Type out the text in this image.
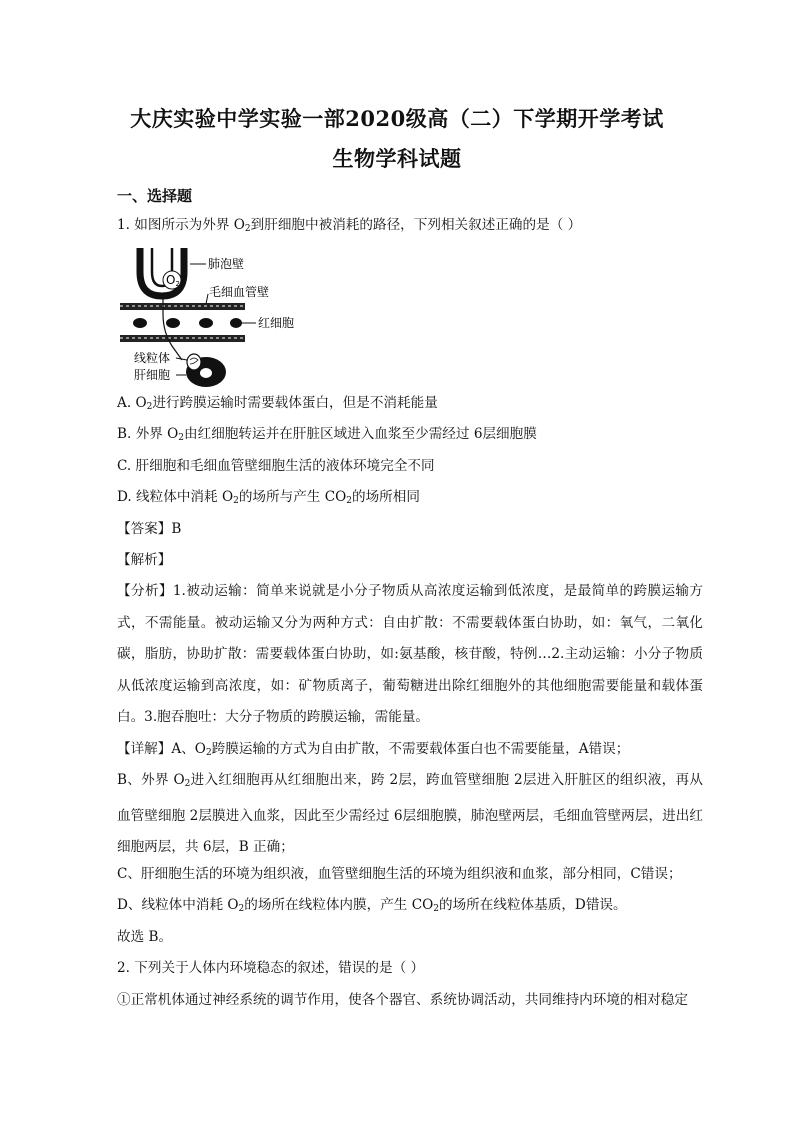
大庆实验中学实验一部2020级高（二）下学期开学考试
生物学科试题
一、选择题
1. 如图所示为外界 $O_2$到肝细胞中被消耗的路径，下列相关叙述正确的是（ ）
O2
肺泡壁
毛细血管壁
红细胞
线粒体
肝细胞
A. $O_2$进行跨膜运输时需要载体蛋白，但是不消耗能量
B. 外界 $O_2$由红细胞转运并在肝脏区域进入血浆至少需经过 6层细胞膜
C. 肝细胞和毛细血管壁细胞生活的液体环境完全不同
D. 线粒体中消耗 $O_2$的场所与产生 $CO_2$的场所相同
【答案】B
【解析】
【分析】1.被动运输：简单来说就是小分子物质从高浓度运输到低浓度，是最简单的跨膜运输方式，不需能量。被动运输又分为两种方式：自由扩散：不需要载体蛋白协助，如：氧气，二氧化碳，脂肪，协助扩散：需要载体蛋白协助，如:氨基酸，核苷酸，特例…2.主动运输：小分子物质从低浓度运输到高浓度，如：矿物质离子，葡萄糖进出除红细胞外的其他细胞需要能量和载体蛋白。3.胞吞胞吐：大分子物质的跨膜运输，需能量。
【详解】A、$O_2$跨膜运输的方式为自由扩散，不需要载体蛋白也不需要能量，A错误；
B、外界 $O_2$进入红细胞再从红细胞出来，跨 2层，跨血管壁细胞 2层进入肝脏区的组织液，再从血管壁细胞 2层膜进入血浆，因此至少需经过 6层细胞膜，肺泡壁两层，毛细血管壁两层，进出红细胞两层，共 6层，B 正确；
C、肝细胞生活的环境为组织液，血管壁细胞生活的环境为组织液和血浆，部分相同，C错误；
D、线粒体中消耗 $O_2$的场所在线粒体内膜，产生 $CO_2$的场所在线粒体基质，D错误。
故选 B。
2. 下列关于人体内环境稳态的叙述，错误的是（ ）
①正常机体通过神经系统的调节作用，使各个器官、系统协调活动，共同维持内环境的相对稳定
